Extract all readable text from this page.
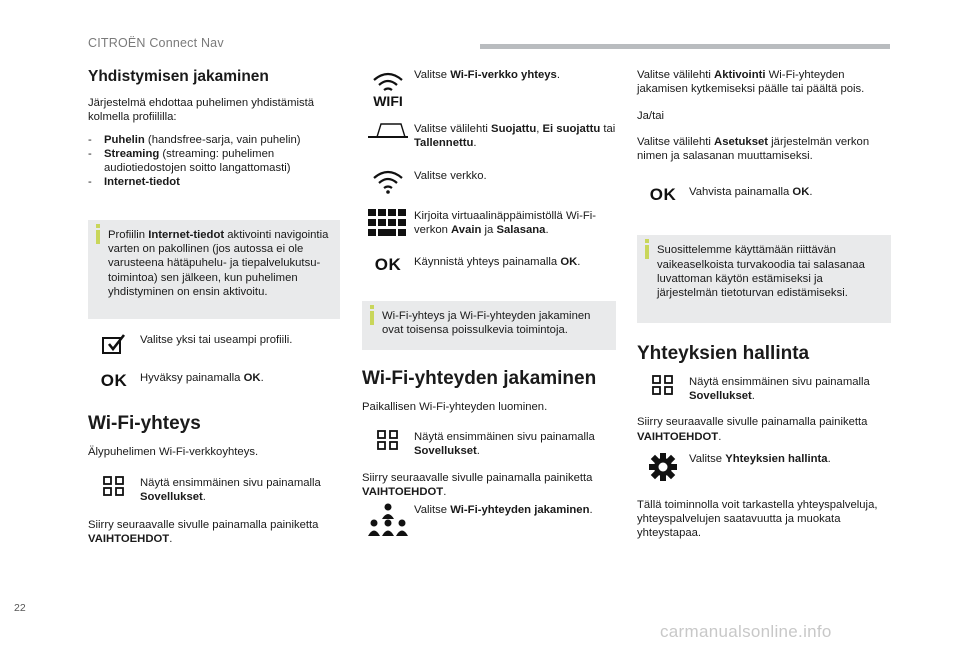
CITROËN Connect Nav
Yhdistymisen jakaminen

Järjestelmä ehdottaa puhelimen yhdistämistä kolmella profiililla:

-	Puhelin (handsfree-sarja, vain puhelin)
-	Streaming (streaming: puhelimen audiotiedostojen soitto langattomasti)
-	Internet-tiedot
Profiilin Internet-tiedot aktivointi navigointia varten on pakollinen (jos autossa ei ole varusteena hätäpuhelu- ja tiepalvelukutsu-toimintoa) sen jälkeen, kun puhelimen yhdistyminen on ensin aktivoitu.
Valitse yksi tai useampi profiili.
OK Hyväksy painamalla OK.
Wi-Fi-yhteys

Älypuhelimen Wi-Fi-verkkoyhteys.

Näytä ensimmäinen sivu painamalla Sovellukset.

Siirry seuraavalle sivulle painamalla painiketta VAIHTOEHDOT.

WIFI
Valitse Wi-Fi-verkko yhteys.
Valitse välilehti Suojattu, Ei suojattu tai Tallennettu.
Valitse verkko.
Kirjoita virtuaalinäppäimistöllä Wi-Fi-verkon Avain ja Salasana.
OK Käynnistä yhteys painamalla OK.
Wi-Fi-yhteys ja Wi-Fi-yhteyden jakaminen ovat toisensa poissulkevia toimintoja.
Wi-Fi-yhteyden jakaminen

Paikallisen Wi-Fi-yhteyden luominen.

Näytä ensimmäinen sivu painamalla Sovellukset.

Siirry seuraavalle sivulle painamalla painiketta VAIHTOEHDOT.

Valitse Wi-Fi-yhteyden jakaminen.

Valitse välilehti Aktivointi Wi-Fi-yhteyden jakamisen kytkemiseksi päälle tai päältä pois.

Ja/tai

Valitse välilehti Asetukset järjestelmän verkon nimen ja salasanan muuttamiseksi.

OK Vahvista painamalla OK.
Suosittelemme käyttämään riittävän vaikeaselkoista turvakoodia tai salasanaa luvattoman käytön estämiseksi ja järjestelmän tietoturvan edistämiseksi.
Yhteyksien hallinta
Näytä ensimmäinen sivu painamalla Sovellukset.

Siirry seuraavalle sivulle painamalla painiketta VAIHTOEHDOT.

Valitse Yhteyksien hallinta.

Tällä toiminnolla voit tarkastella yhteyspalveluja, yhteyspalvelujen saatavuutta ja muokata yhteystapaa.

22
carmanualsonline.info
